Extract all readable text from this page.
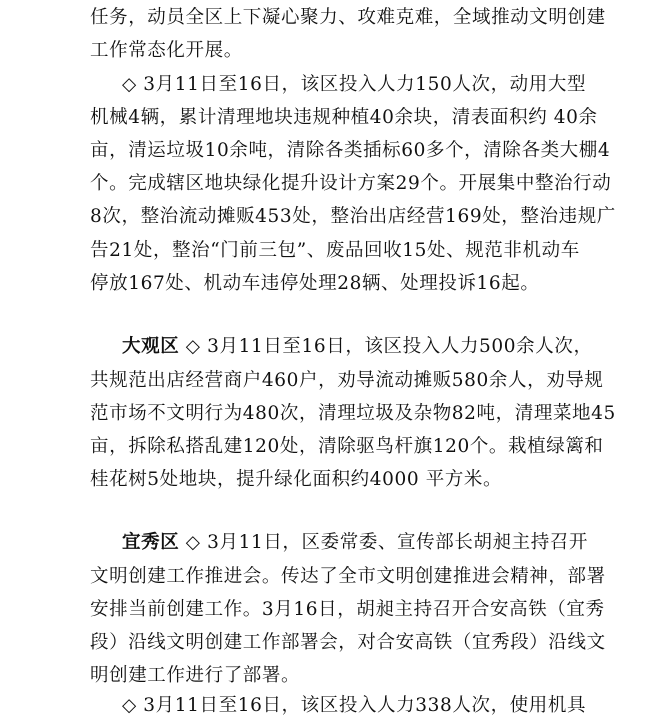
任务，动员全区上下凝心聚力、攻难克难，全域推动文明创建
工作常态化开展。
◇ 3月11日至16日，该区投入人力150人次，动用大型
机械4辆，累计清理地块违规种植40余块，清表面积约 40余
亩，清运垃圾10余吨，清除各类插标60多个，清除各类大棚4
个。完成辖区地块绿化提升设计方案29个。开展集中整治行动
8次，整治流动摊贩453处，整治出店经营169处，整治违规广
告21处，整治“门前三包”、废品回收15处、规范非机动车
停放167处、机动车违停处理28辆、处理投诉16起。
大观区 ◇ 3月11日至16日，该区投入人力500余人次，
共规范出店经营商户460户，劝导流动摊贩580余人，劝导规
范市场不文明行为480次，清理垃圾及杂物82吨，清理菜地45
亩，拆除私搭乱建120处，清除驱鸟杆旗120个。栽植绿篱和
桂花树5处地块，提升绿化面积约4000 平方米。
宜秀区 ◇ 3月11日，区委常委、宣传部长胡昶主持召开
文明创建工作推进会。传达了全市文明创建推进会精神，部署
安排当前创建工作。3月16日，胡昶主持召开合安高铁（宜秀
段）沿线文明创建工作部署会，对合安高铁（宜秀段）沿线文
明创建工作进行了部署。
◇ 3月11日至16日，该区投入人力338人次，使用机具
